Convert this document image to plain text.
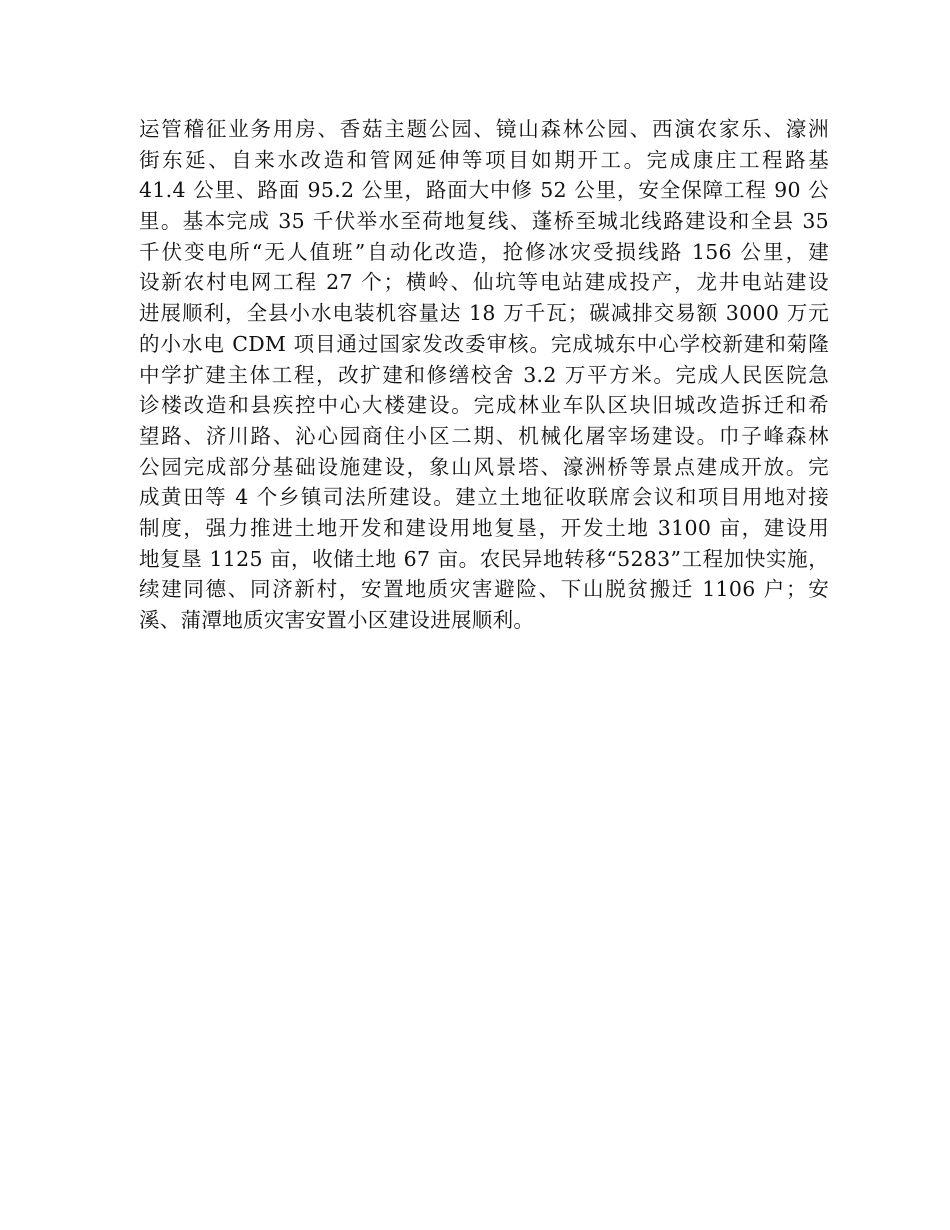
运管稽征业务用房、香菇主题公园、镜山森林公园、西演农家乐、濠洲
街东延、自来水改造和管网延伸等项目如期开工。完成康庄工程路基
41.4 公里、路面 95.2 公里，路面大中修 52 公里，安全保障工程 90 公
里。基本完成 35 千伏举水至荷地复线、蓬桥至城北线路建设和全县 35
千伏变电所“无人值班”自动化改造，抢修冰灾受损线路 156 公里，建
设新农村电网工程 27 个；横岭、仙坑等电站建成投产，龙井电站建设
进展顺利，全县小水电装机容量达 18 万千瓦；碳减排交易额 3000 万元
的小水电 CDM 项目通过国家发改委审核。完成城东中心学校新建和菊隆
中学扩建主体工程，改扩建和修缮校舍 3.2 万平方米。完成人民医院急
诊楼改造和县疾控中心大楼建设。完成林业车队区块旧城改造拆迁和希
望路、济川路、沁心园商住小区二期、机械化屠宰场建设。巾子峰森林
公园完成部分基础设施建设，象山风景塔、濠洲桥等景点建成开放。完
成黄田等 4 个乡镇司法所建设。建立土地征收联席会议和项目用地对接
制度，强力推进土地开发和建设用地复垦，开发土地 3100 亩，建设用
地复垦 1125 亩，收储土地 67 亩。农民异地转移“5283”工程加快实施，
续建同德、同济新村，安置地质灾害避险、下山脱贫搬迁 1106 户；安
溪、蒲潭地质灾害安置小区建设进展顺利。
